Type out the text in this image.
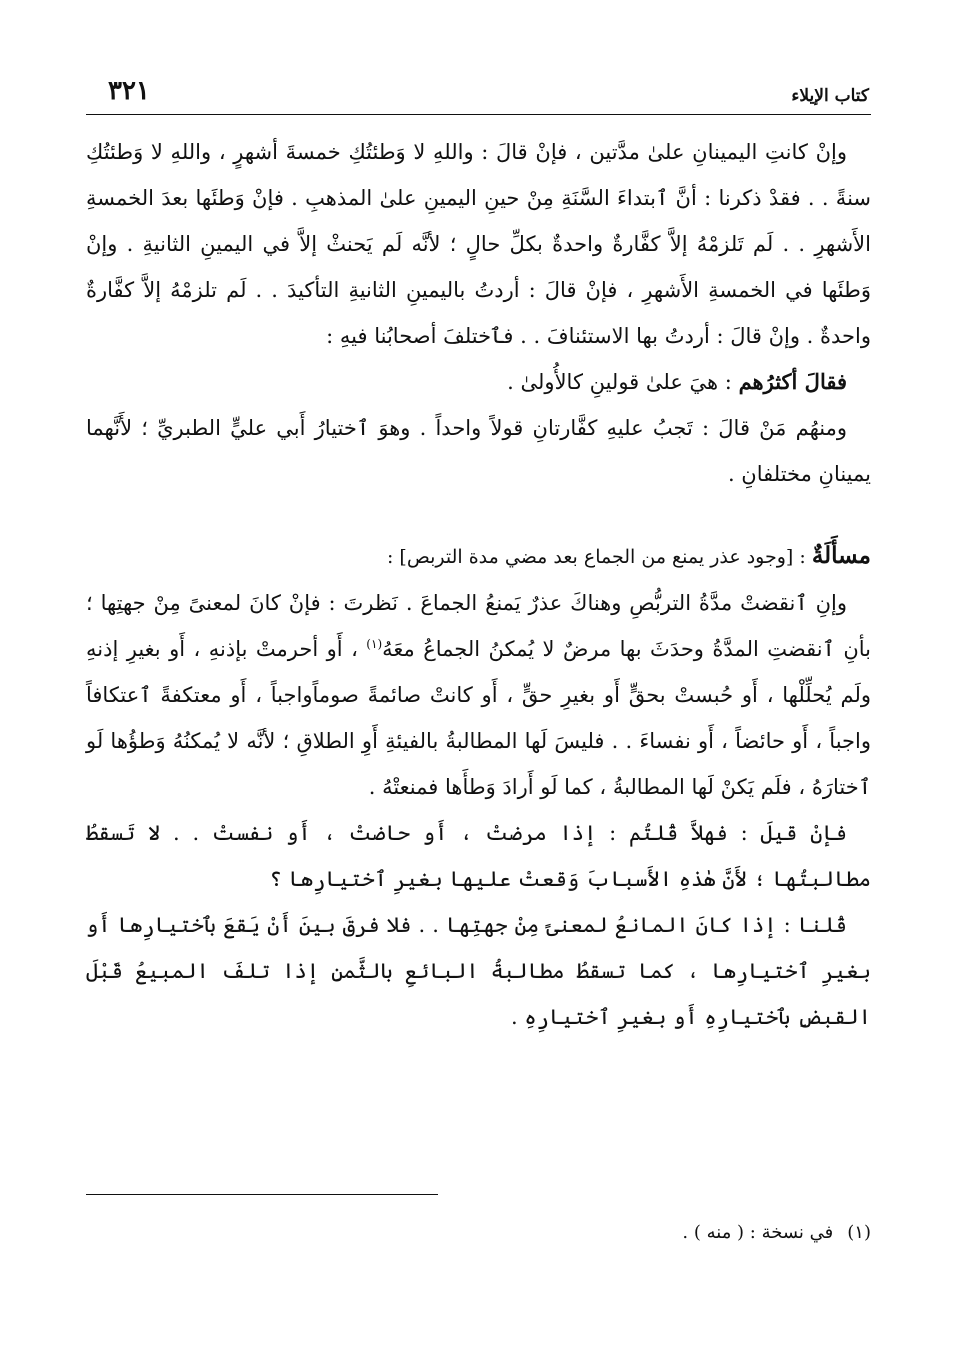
كتاب الإيلاء
٣٢١

وإنْ كانتِ اليمينانِ علىٰ مدَّتين ، فإنْ قالَ : واللهِ لا وَطئتُكِ خمسةَ أشهرٍ ، واللهِ لا وَطئتُكِ سنةً . . فقدْ ذكرنا : أنَّ ٱبتداءَ السَّنَةِ مِنْ حينِ اليمينِ علىٰ المذهبِ . فإنْ وَطئَها بعدَ الخمسةِ الأَشهرِ . . لَم تَلزمْهُ إلاَّ كفَّارةٌ واحدةٌ بكلِّ حالٍ ؛ لأنَّه لَم يَحنثْ إلاَّ في اليمينِ الثانيةِ . وإنْ وَطئَها في الخمسةِ الأَشهرِ ، فإنْ قالَ : أردتُ باليمينِ الثانيةِ التأكيدَ . . لَم تلزمْهُ إلاَّ كفَّارةٌ واحدةٌ . وإنْ قالَ : أردتُ بها الاستئنافَ . . فٱختلفَ أصحابُنا فيهِ :

فقالَ أكثرُهم : هيَ علىٰ قولينِ كالأُولىٰ .

ومنهُم مَنْ قالَ : تَجبُ عليهِ كفَّارتانِ قولاً واحداً . وهوَ ٱختيارُ أَبي عليٍّ الطبريِّ ؛ لأَنَّهما يمينانِ مختلفانِ .

مسأَلَةٌ : [وجود عذر يمنع من الجماع بعد مضي مدة التربص] :

وإنِ ٱنقضتْ مدَّةُ التربُّصِ وهناكَ عذرٌ يَمنعُ الجماعَ . نَظرتَ : فإنْ كانَ لمعنىً مِنْ جهتِها ؛ بأنِ ٱنقضتِ المدَّةُ وحدَثَ بها مرضٌ لا يُمكنُ الجماعُ معَهُ$^{(١)}$ ، أَو أحرمتْ بإذنهِ ، أَو بغيرِ إذنهِ ولَم يُحلِّلْها ، أَو حُبستْ بحقٍّ أَو بغيرِ حقٍّ ، أَو كانتْ صائمةً صوماًواجباً ، أَو معتكفةً ٱعتكافاً واجباً ، أَو حائضاً ، أَو نفساءَ . . فليسَ لَها المطالبةُ بالفيئةِ أَوِ الطلاقِ ؛ لأنَّه لا يُمكنُهُ وَطؤُها لَو ٱختارَهُ ، فلَم يَكنْ لَها المطالبةُ ، كما لَو أَرادَ وَطأَها فمنعتْهُ .

فإنْ قيلَ : فهلاَّ قُلتُم : إذا مرضتْ ، أَو حاضتْ ، أَو نفستْ . . لا تَسقطُ مطالبتُها ؛ لأَنَّ هٰذهِ الأَسبابَ وَقعتْ عليها بغيرِ ٱختيارِها ؟

قُلنا : إذا كانَ المانعُ لمعنىً مِنْ جهتِها . . فلا فرقَ بينَ أَنْ يَقعَ بٱختيارِها أَو بغيرِ ٱختيارِها ، كما تسقطُ مطالبةُ البائعِ بالثَّمنِ إذا تلفَ المبيعُ قَبْلَ القبضِ بٱختيارِهِ أَو بغيرِ ٱختيارِهِ .

(١)في نسخة : ( منه ) .
